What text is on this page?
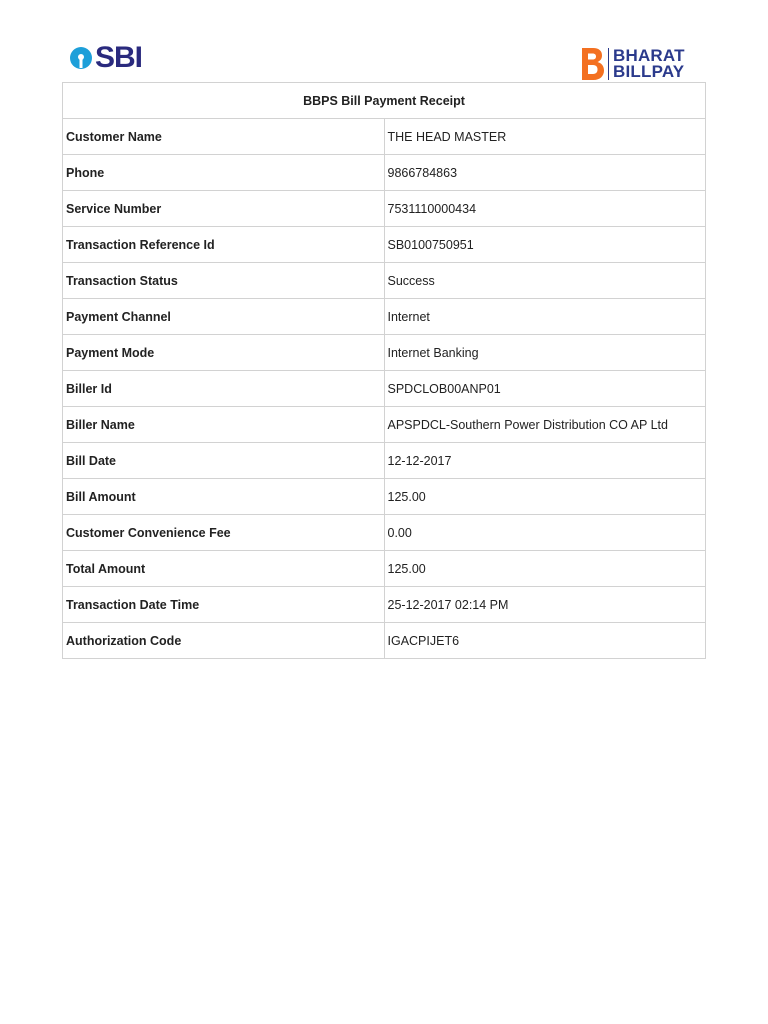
SBI	BHARAT
BILLPAY
BBPS Bill Payment Receipt	
Customer Name	THE HEAD MASTER
Phone	9866784863
Service Number	7531110000434
Transaction Reference Id	SB0100750951
Transaction Status	Success
Payment Channel	Internet
Payment Mode	Internet Banking
Biller Id	SPDCLOB00ANP01
Biller Name	APSPDCL-Southern Power Distribution CO AP Ltd
Bill Date	12-12-2017
Bill Amount	125.00
Customer Convenience Fee	0.00
Total Amount	125.00
Transaction Date Time	25-12-2017 02:14 PM
Authorization Code	IGACPIJET6
